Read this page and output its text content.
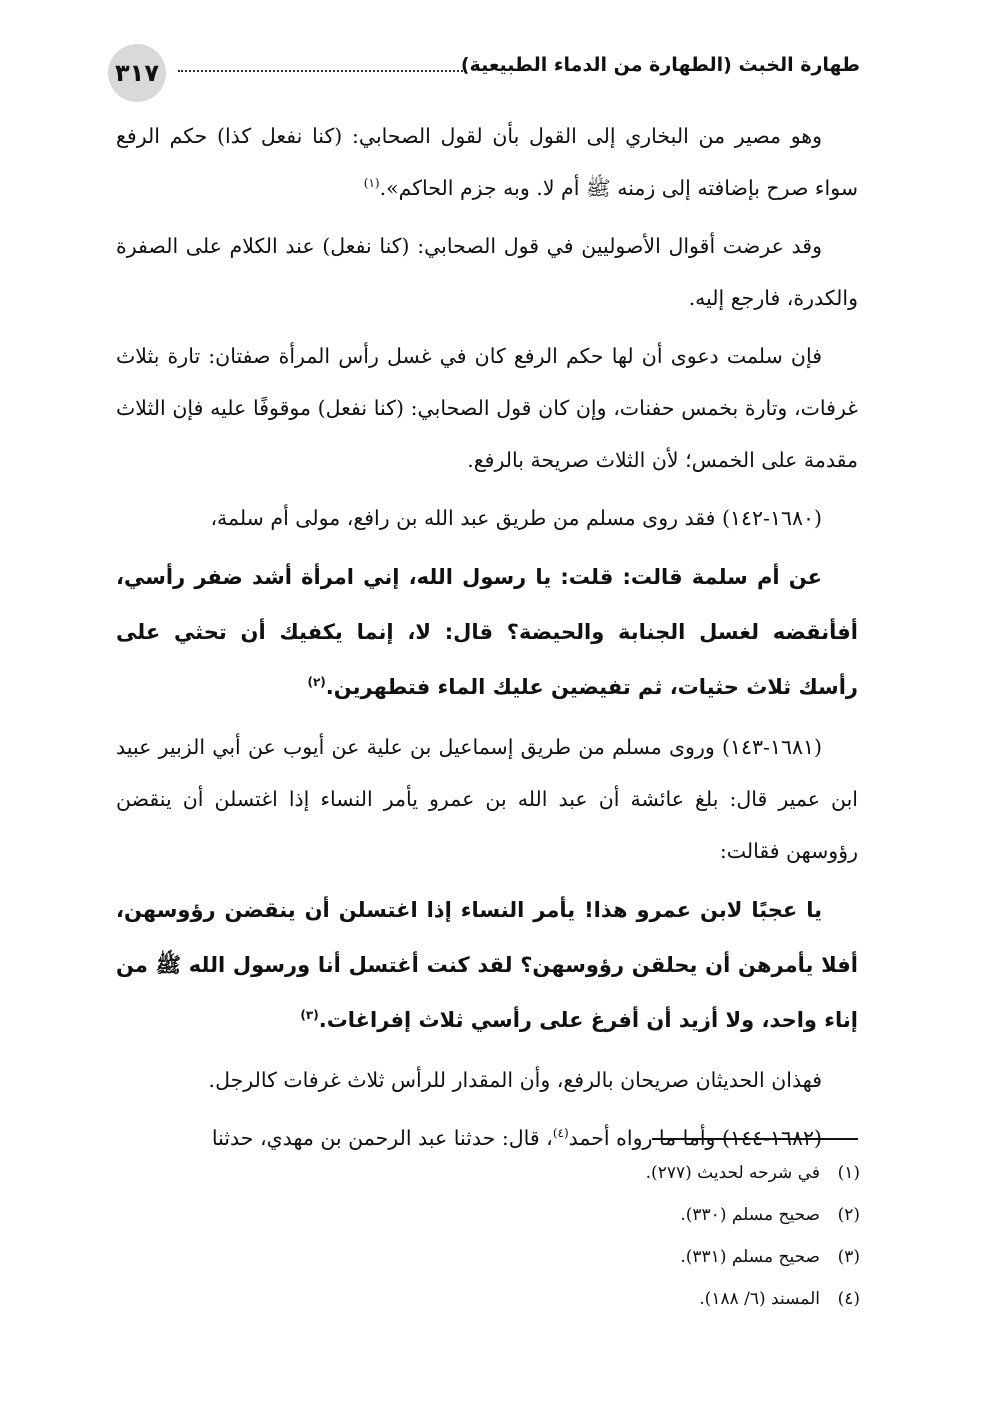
٣١٧	طهارة الخبث (الطهارة من الدماء الطبيعية)

وهو مصير من البخاري إلى القول بأن لقول الصحابي: (كنا نفعل كذا) حكم الرفع سواء صرح بإضافته إلى زمنه ﷺ أم لا. وبه جزم الحاكم».$^{(١)}$

وقد عرضت أقوال الأصوليين في قول الصحابي: (كنا نفعل) عند الكلام على الصفرة والكدرة، فارجع إليه.

فإن سلمت دعوى أن لها حكم الرفع كان في غسل رأس المرأة صفتان: تارة بثلاث غرفات، وتارة بخمس حفنات، وإن كان قول الصحابي: (كنا نفعل) موقوفًا عليه فإن الثلاث مقدمة على الخمس؛ لأن الثلاث صريحة بالرفع.

(١٦٨٠-١٤٢) فقد روى مسلم من طريق عبد الله بن رافع، مولى أم سلمة،

عن أم سلمة قالت: قلت: يا رسول الله، إني امرأة أشد ضفر رأسي، أفأنقضه لغسل الجنابة والحيضة؟ قال: لا، إنما يكفيك أن تحثي على رأسك ثلاث حثيات، ثم تفيضين عليك الماء فتطهرين.$^{(٢)}$

(١٦٨١-١٤٣) وروى مسلم من طريق إسماعيل بن علية عن أيوب عن أبي الزبير عبيد ابن عمير قال: بلغ عائشة أن عبد الله بن عمرو يأمر النساء إذا اغتسلن أن ينقضن رؤوسهن فقالت:

يا عجبًا لابن عمرو هذا! يأمر النساء إذا اغتسلن أن ينقضن رؤوسهن، أفلا يأمرهن أن يحلقن رؤوسهن؟ لقد كنت أغتسل أنا ورسول الله ﷺ من إناء واحد، ولا أزيد أن أفرغ على رأسي ثلاث إفراغات.$^{(٣)}$

فهذان الحديثان صريحان بالرفع، وأن المقدار للرأس ثلاث غرفات كالرجل.

(١٦٨٢-١٤٤) وأما ما رواه أحمد$^{(٤)}$، قال: حدثنا عبد الرحمن بن مهدي، حدثنا

(١)في شرحه لحديث (٢٧٧).
(٢)صحيح مسلم (٣٣٠).
(٣)صحيح مسلم (٣٣١).
(٤)المسند (٦/ ١٨٨).
